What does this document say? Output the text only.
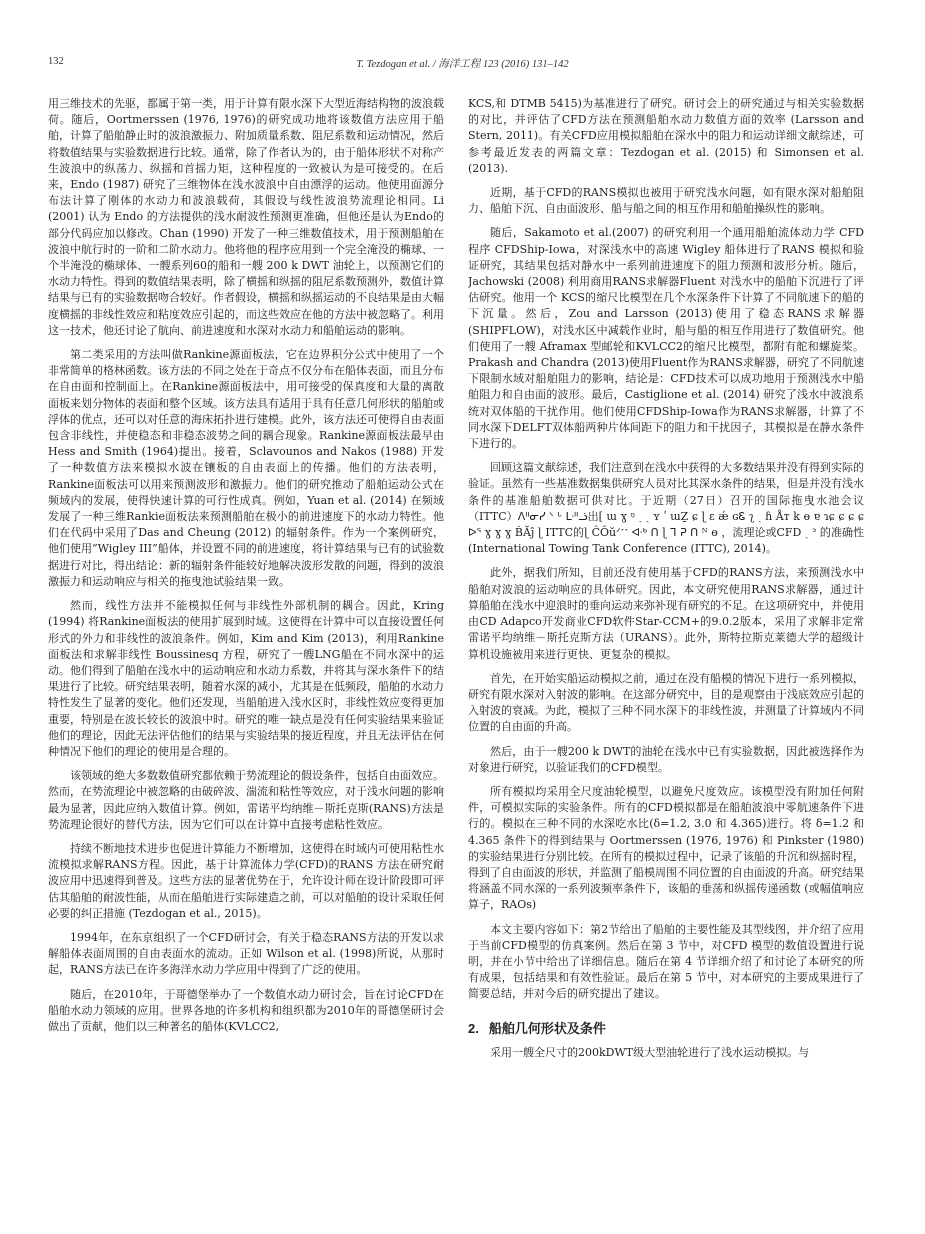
132	T. Tezdogan et al. / 海洋工程 123 (2016) 131–142

用三维技术的先驱，都属于第一类，用于计算有限水深下大型近海结构物的波浪载荷。随后，Oortmerssen (1976, 1976)的研究成功地将该数值方法应用于船舶，计算了船舶静止时的波浪激振力、附加质量系数、阻尼系数和运动情况，然后将数值结果与实验数据进行比较。通常，除了作者认为的，由于船体形状不对称产生波浪中的纵荡力、纵摇和首摇力矩，这种程度的一致被认为是可接受的。在后来，Endo (1987) 研究了三维物体在浅水波浪中自由漂浮的运动。他使用面源分布法计算了刚体的水动力和波浪载荷，其假设与线性波浪势流理论相同。Li (2001) 认为 Endo 的方法提供的浅水耐波性预测更准确，但他还是认为Endo的部分代码应加以修改。Chan (1990) 开发了一种三维数值技术，用于预测船舶在波浪中航行时的一阶和二阶水动力。他将他的程序应用到一个完全淹没的椭球、一个半淹没的椭球体、一艘系列60的船和一艘 200 k DWT 油轮上，以预测它们的水动力特性。得到的数值结果表明，除了横摇和纵摇的阻尼系数预测外，数值计算结果与已有的实验数据吻合较好。作者假设，横摇和纵摇运动的不良结果是由大幅度横摇的非线性效应和粘度效应引起的，而这些效应在他的方法中被忽略了。利用这一技术，他还讨论了航向、前进速度和水深对水动力和船舶运动的影响。

第二类采用的方法叫做Rankine源面板法，它在边界积分公式中使用了一个非常简单的格林函数。该方法的不同之处在于奇点不仅分布在船体表面，而且分布在自由面和控制面上。在Rankine源面板法中，用可接受的保真度和大量的离散面板来划分物体的表面和整个区域。该方法具有适用于具有任意几何形状的船舶或浮体的优点，还可以对任意的海床拓扑进行建模。此外，该方法还可使得自由表面包含非线性，并使稳态和非稳态波势之间的耦合现象。Rankine源面板法最早由Hess and Smith (1964)提出。接着，Sclavounos and Nakos (1988) 开发了一种数值方法来模拟水波在镶板的自由表面上的传播。他们的方法表明，Rankine面板法可以用来预测波形和激振力。他们的研究推动了船舶运动公式在频域内的发展，使得快速计算的可行性成真。例如，Yuan et al. (2014) 在频域发展了一种三维Rankie面板法来预测船舶在极小的前进速度下的水动力特性。他们在代码中采用了Das and Cheung (2012) 的辐射条件。作为一个案例研究，他们使用“Wigley III”船体，并设置不同的前进速度，将计算结果与已有的试验数据进行对比，得出结论：新的辐射条件能较好地解决波形发散的问题，得到的波浪激振力和运动响应与相关的拖曳池试验结果一致。

然而，线性方法并不能模拟任何与非线性外部机制的耦合。因此，Kring (1994) 将Rankine面板法的使用扩展到时域。这使得在计算中可以直接设置任何形式的外力和非线性的波浪条件。例如，Kim and Kim (2013)，利用Rankine面板法和求解非线性 Boussinesq 方程，研究了一艘LNG船在不同水深中的运动。他们得到了船舶在浅水中的运动响应和水动力系数，并将其与深水条件下的结果进行了比较。研究结果表明，随着水深的减小，尤其是在低频段，船舶的水动力特性发生了显著的变化。他们还发现，当船舶进入浅水区时，非线性效应变得更加重要，特别是在波长较长的波浪中时。研究的唯一缺点是没有任何实验结果来验证他们的理论，因此无法评估他们的结果与实验结果的接近程度，并且无法评估在何种情况下他们的理论的使用是合理的。

该领域的绝大多数数值研究都依赖于势流理论的假设条件，包括自由面效应。然而，在势流理论中被忽略的由破碎波、湍流和粘性等效应，对于浅水问题的影响最为显著，因此应纳入数值计算。例如，雷诺平均纳维－斯托克斯(RANS)方法是势流理论很好的替代方法，因为它们可以在计算中直接考虑粘性效应。

持续不断地技术进步也促进计算能力不断增加，这使得在时域内可使用粘性水流模拟求解RANS方程。因此，基于计算流体力学(CFD)的RANS 方法在研究耐波应用中迅速得到普及。这些方法的显著优势在于，允许设计师在设计阶段即可评估其船舶的耐波性能，从而在船舶进行实际建造之前，可以对船舶的设计采取任何必要的纠正措施 (Tezdogan et al., 2015)。

1994年，在东京组织了一个CFD研讨会，有关于稳态RANS方法的开发以求解船体表面周围的自由表面水的流动。正如 Wilson et al. (1998)所说，从那时起，RANS方法已在许多海洋水动力学应用中得到了广泛的使用。

随后，在2010年，于哥德堡举办了一个数值水动力研讨会，旨在讨论CFD在船舶水动力领域的应用。世界各地的许多机构和组织都为2010年的哥德堡研讨会做出了贡献，他们以三种著名的船体(KVLCC2,

KCS,和 DTMB 5415)为基准进行了研究。研讨会上的研究通过与相关实验数据的对比，并评估了CFD方法在预测船舶水动力数值方面的效率 (Larsson and Stern, 2011)。有关CFD应用模拟船舶在深水中的阻力和运动详细文献综述，可参考最近发表的两篇文章：Tezdogan et al. (2015) 和 Simonsen et al.(2013).

近期，基于CFD的RANS模拟也被用于研究浅水问题，如有限水深对船舶阻力、船舶下沉、自由面波形、船与船之间的相互作用和船舶操纵性的影响。

随后，Sakamoto et al.(2007) 的研究利用一个通用船舶流体动力学 CFD程序 CFDShip-Iowa，对深浅水中的高速 Wigley 船体进行了RANS 模拟和验证研究，其结果包括对静水中一系列前进速度下的阻力预测和波形分析。随后，Jachowski (2008) 利用商用RANS求解器Fluent 对浅水中的船舶下沉进行了评估研究。他用一个 KCS的缩尺比模型在几个水深条件下计算了不同航速下的船的下沉量。然后，Zou and Larsson (2013)使用了稳态RANS求解器(SHIPFLOW)，对浅水区中减载作业时，船与船的相互作用进行了数值研究。他们使用了一艘 Aframax 型邮轮和KVLCC2的缩尺比模型，都附有舵和螺旋桨。Prakash and Chandra (2013)使用Fluent作为RANS求解器，研究了不同航速下限制水域对船舶阻力的影响，结论是：CFD技术可以成功地用于预测浅水中船舶阻力和自由面的波形。最后，Castiglione et al. (2014) 研究了浅水中波浪系统对双体船的干扰作用。他们使用CFDShip-Iowa作为RANS求解器，计算了不同水深下DELFT双体船两种片体间距下的阻力和干扰因子，其模拟是在静水条件下进行的。

回顾这篇文献综述，我们注意到在浅水中获得的大多数结果并没有得到实际的验证。虽然有一些基准数据集供研究人员对比其深水条件的结果，但是并没有浅水条件的基准船舶数据可供对比。于近期（27日）召开的国际拖曳水池会议（ITTC）ᐱᐦᓂᓯ ᐠ ᒡ ᒷᐦᓘ出[ ɯ ɣ ᵑ ˏ ˎ ʏ ʹ ɯẔ ɕ ɭ ɛ ǽ ɢᏋ ʅ ˏ ɦ Åᴛ k ɵ ɐ ɿɕ ɕ ɕ ɕ ᐅᕐ ɣ ɣ ɣ ḂĂĵ ɭ ITTC的ɭ ĈŌŭᐟ˹˺ ᐘᒃ ᑎ ɭ ᒣ ᕈ ᑎ ᴺ ɵ ，流理论或CFD ˎ ᐣ 的准确性 (International Towing Tank Conference (ITTC), 2014)。

此外，据我们所知，目前还没有使用基于CFD的RANS方法，来预测浅水中船舶对波浪的运动响应的具体研究。因此，本文研究使用RANS求解器，通过计算船舶在浅水中迎浪时的垂向运动来弥补现有研究的不足。在这项研究中，并使用由CD Adapco开发商业CFD软件Star-CCM+的9.0.2版本，采用了求解非定常雷诺平均纳维－斯托克斯方法（URANS）。此外，斯特拉斯克莱德大学的超级计算机设施被用来进行更快、更复杂的模拟。

首先，在开始实船运动模拟之前，通过在没有船模的情况下进行一系列模拟，研究有限水深对入射波的影响。在这部分研究中，目的是观察由于浅底效应引起的入射波的衰减。为此，模拟了三种不同水深下的非线性波，并测量了计算域内不同位置的自由面的升高。

然后，由于一艘200 k DWT的油轮在浅水中已有实验数据，因此被选择作为对象进行研究，以验证我们的CFD模型。

所有模拟均采用全尺度油轮模型，以避免尺度效应。该模型没有附加任何附件，可模拟实际的实验条件。所有的CFD模拟都是在船舶波浪中零航速条件下进行的。模拟在三种不同的水深吃水比(δ=1.2, 3.0 和 4.365)进行。将 δ=1.2 和 4.365 条件下的得到结果与 Oortmerssen (1976, 1976) 和 Pinkster (1980)的实验结果进行分别比较。在所有的模拟过程中，记录了该船的升沉和纵摇时程，得到了自由面波的形状，并监测了船模周围不同位置的自由面波的升高。研究结果将涵盖不同水深的一系列波频率条件下，该船的垂荡和纵摇传递函数 (或幅值响应算子，RAOs)

本文主要内容如下：第2节给出了船舶的主要性能及其型线图，并介绍了应用于当前CFD模型的仿真案例。然后在第 3 节中，对CFD 模型的数值设置进行说明，并在小节中给出了详细信息。随后在第 4 节详细介绍了和讨论了本研究的所有成果，包括结果和有效性验证。最后在第 5 节中，对本研究的主要成果进行了简要总结，并对今后的研究提出了建议。

2. 船舶几何形状及条件

采用一艘全尺寸的200kDWT级大型油轮进行了浅水运动模拟。与
